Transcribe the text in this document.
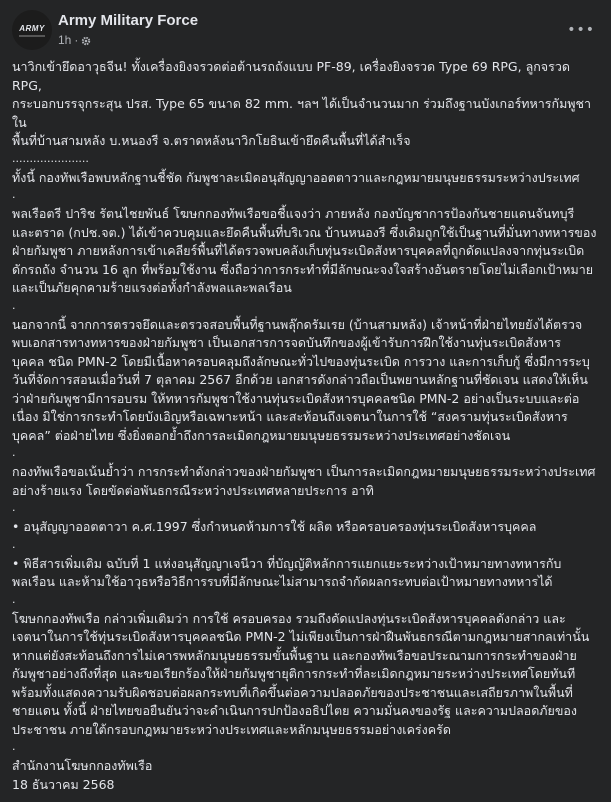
ARMY Army Military Force
1h ·
•••
นาวิกเข้ายึดอาวุธจีน! ทั้งเครื่องยิงจรวดต่อต้านรถถังแบบ PF-89, เครื่องยิงจรวด Type 69 RPG, ลูกจรวด RPG,
กระบอกบรรจุกระสุน ปรส. Type 65 ขนาด 82 mm. ฯลฯ ได้เป็นจำนวนมาก ร่วมถึงฐานบังเกอร์ทหารกัมพูชาใน
พื้นที่บ้านสามหลัง บ.หนองรี จ.ตราดหลังนาวิกโยธินเข้ายึดคืนพื้นที่ได้สำเร็จ
......................
ทั้งนี้ กองทัพเรือพบหลักฐานชี้ชัด กัมพูชาละเมิดอนุสัญญาออตตาวาและกฎหมายมนุษยธรรมระหว่างประเทศ
.
พลเรือตรี ปาริช รัตนไชยพันธ์ โฆษกกองทัพเรือขอชี้แจงว่า ภายหลัง กองบัญชาการป้องกันชายแดนจันทบุรี
และตราด (กปช.จต.) ได้เข้าควบคุมและยึดคืนพื้นที่บริเวณ บ้านหนองรี ซึ่งเดิมถูกใช้เป็นฐานที่มั่นทางทหารของ
ฝ่ายกัมพูชา ภายหลังการเข้าเคลียร์พื้นที่ได้ตรวจพบคลังเก็บทุ่นระเบิดสังหารบุคคลที่ถูกดัดแปลงจากทุ่นระเบิด
ดักรถถัง จำนวน 16 ลูก ที่พร้อมใช้งาน ซึ่งถือว่าการกระทำที่มีลักษณะจงใจสร้างอันตรายโดยไม่เลือกเป้าหมาย
และเป็นภัยคุกคามร้ายแรงต่อทั้งกำลังพลและพลเรือน
.
นอกจากนี้ จากการตรวจยึดและตรวจสอบพื้นที่ฐานพลุ๊กดรัมเรย (บ้านสามหลัง) เจ้าหน้าที่ฝ่ายไทยยังได้ตรวจ
พบเอกสารทางทหารของฝ่ายกัมพูชา เป็นเอกสารการจดบันทึกของผู้เข้ารับการฝึกใช้งานทุ่นระเบิดสังหาร
บุคคล ชนิด PMN-2 โดยมีเนื้อหาครอบคลุมถึงลักษณะทั่วไปของทุ่นระเบิด การวาง และการเก็บกู้ ซึ่งมีการระบุ
วันที่จัดการสอนเมื่อวันที่ 7 ตุลาคม 2567 อีกด้วย เอกสารดังกล่าวถือเป็นพยานหลักฐานที่ชัดเจน แสดงให้เห็น
ว่าฝ่ายกัมพูชามีการอบรม ให้ทหารกัมพูชาใช้งานทุ่นระเบิดสังหารบุคคลชนิด PMN-2 อย่างเป็นระบบและต่อ
เนื่อง มิใช่การกระทำโดยบังเอิญหรือเฉพาะหน้า และสะท้อนถึงเจตนาในการใช้ “สงครามทุ่นระเบิดสังหาร
บุคคล” ต่อฝ่ายไทย ซึ่งยิ่งตอกย้ำถึงการละเมิดกฎหมายมนุษยธรรมระหว่างประเทศอย่างชัดเจน
.
กองทัพเรือขอเน้นย้ำว่า การกระทำดังกล่าวของฝ่ายกัมพูชา เป็นการละเมิดกฎหมายมนุษยธรรมระหว่างประเทศ
อย่างร้ายแรง โดยขัดต่อพันธกรณีระหว่างประเทศหลายประการ อาทิ
.
• อนุสัญญาออตตาวา ค.ศ.1997 ซึ่งกำหนดห้ามการใช้ ผลิต หรือครอบครองทุ่นระเบิดสังหารบุคคล
.
• พิธีสารเพิ่มเติม ฉบับที่ 1 แห่งอนุสัญญาเจนีวา ที่บัญญัติหลักการแยกแยะระหว่างเป้าหมายทางทหารกับ
พลเรือน และห้ามใช้อาวุธหรือวิธีการรบที่มีลักษณะไม่สามารถจำกัดผลกระทบต่อเป้าหมายทางทหารได้
.
โฆษกกองทัพเรือ กล่าวเพิ่มเติมว่า การใช้ ครอบครอง รวมถึงดัดแปลงทุ่นระเบิดสังหารบุคคลดังกล่าว และ
เจตนาในการใช้ทุ่นระเบิดสังหารบุคคลชนิด PMN-2 ไม่เพียงเป็นการฝ่าฝืนพันธกรณีตามกฎหมายสากลเท่านั้น
หากแต่ยังสะท้อนถึงการไม่เคารพหลักมนุษยธรรมขั้นพื้นฐาน และกองทัพเรือขอประณามการกระทำของฝ่าย
กัมพูชาอย่างถึงที่สุด และขอเรียกร้องให้ฝ่ายกัมพูชายุติการกระทำที่ละเมิดกฎหมายระหว่างประเทศโดยทันที
พร้อมทั้งแสดงความรับผิดชอบต่อผลกระทบที่เกิดขึ้นต่อความปลอดภัยของประชาชนและเสถียรภาพในพื้นที่
ชายแดน ทั้งนี้ ฝ่ายไทยขอยืนยันว่าจะดำเนินการปกป้องอธิปไตย ความมั่นคงของรัฐ และความปลอดภัยของ
ประชาชน ภายใต้กรอบกฎหมายระหว่างประเทศและหลักมนุษยธรรมอย่างเคร่งครัด
.
สำนักงานโฆษกกองทัพเรือ
18 ธันวาคม 2568
